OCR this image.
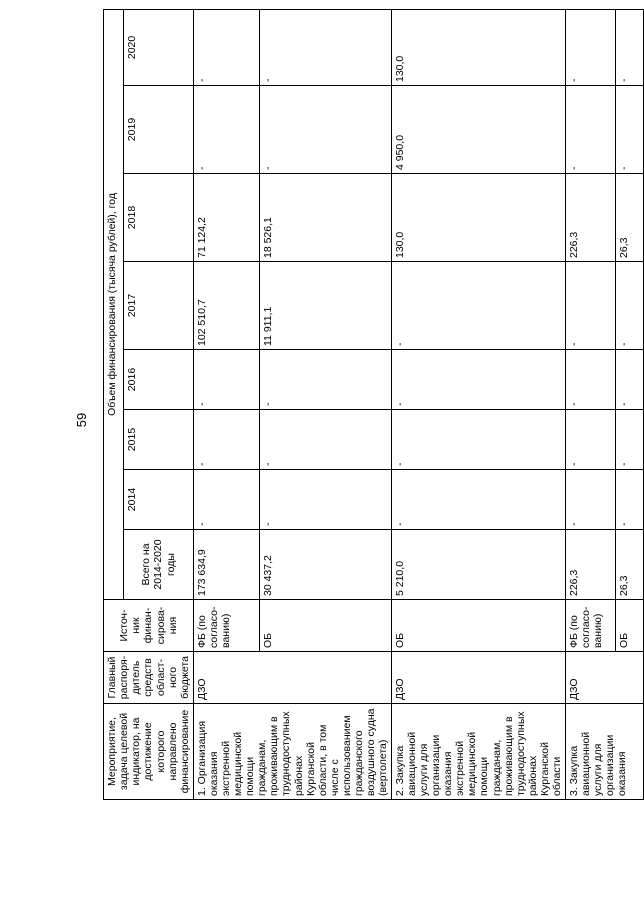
59
Мероприятие, задача целевой индикатор, на достижение которого направлено финансирование	Главный распоря-дитель средств област-ного бюджета	Источ-ник финан-сирова-ния	Объем финансирования (тысяча рублей), год							
			Всего на 2014-2020 годы	2014	2015	2016	2017	2018	2019	2020
1. Организация оказания экстренной медицинской помощи гражданам, проживающим в труднодоступных районах Курганской области, в том числе с использованием гражданского воздушного судна (вертолета)	ДЗО	ФБ (по согласо-ванию)	173 634,9	-	-	-	102 510,7	71 124,2	-	-
		ОБ	30 437,2	-	-	-	11 911,1	18 526,1	-	-
2. Закупка авиационной услуги для организации оказания экстренной медицинской помощи гражданам, проживающим в труднодоступных районах Курганской области	ДЗО	ОБ	5 210,0	-	-	-	-	130,0	4 950,0	130,0
3. Закупка авиационной услуги для организации оказания	ДЗО	ФБ (по согласо-ванию)	226,3	-	-	-	-	226,3	-	-
		ОБ	26,3	-	-	-	-	26,3	-	-
